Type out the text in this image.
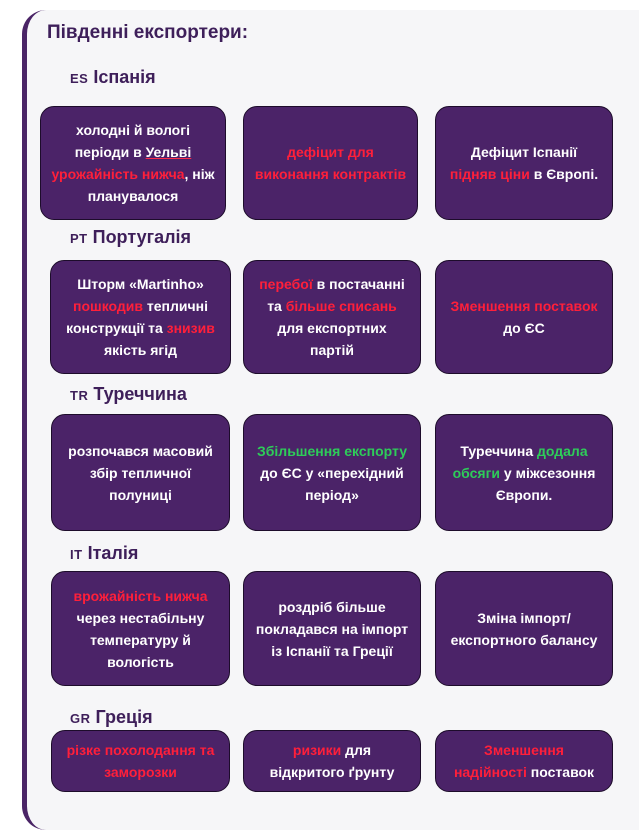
Південні експортери:
ES Іспанія
PT Португалія
TR Туреччина
IT Італія
GR Греція
холодні й вологі періоди в Уельві урожайність нижча, ніж планувалося
дефіцит для виконання контрактів
Дефіцит Іспанії підняв ціни в Європі.
Шторм «Martinho» пошкодив тепличні конструкції та знизив якість ягід
перебої в постачанні та більше списань для експортних партій
Зменшення поставок до ЄС
розпочався масовий збір тепличної полуниці
Збільшення експорту до ЄС у «перехідний період»
Туреччина додала обсяги у міжсезоння Європи.
врожайність нижча через нестабільну температуру й вологість
роздріб більше покладався на імпорт із Іспанії та Греції
Зміна імпорт/експортного балансу
різке похолодання та заморозки
ризики для відкритого ґрунту
Зменшення надійності поставок
